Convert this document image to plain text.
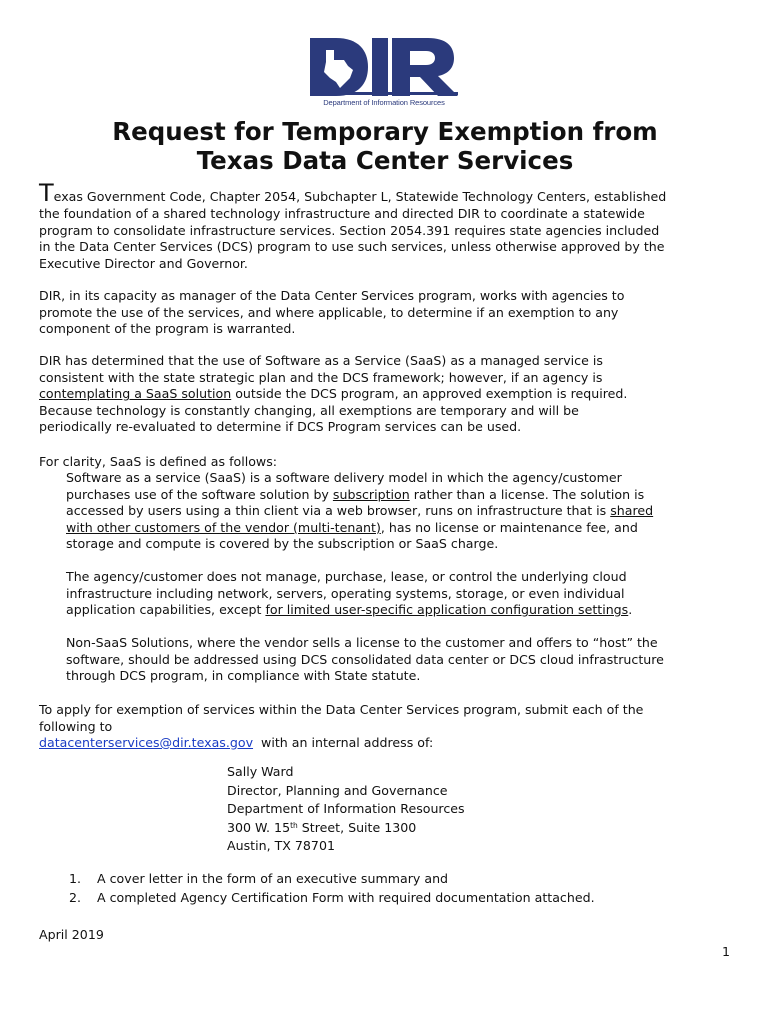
Department of Information Resources
Request for Temporary Exemption from
Texas Data Center Services
Texas Government Code, Chapter 2054, Subchapter L, Statewide Technology Centers, established
the foundation of a shared technology infrastructure and directed DIR to coordinate a statewide
program to consolidate infrastructure services. Section 2054.391 requires state agencies included
in the Data Center Services (DCS) program to use such services, unless otherwise approved by the
Executive Director and Governor.
DIR, in its capacity as manager of the Data Center Services program, works with agencies to
promote the use of the services, and where applicable, to determine if an exemption to any
component of the program is warranted.
DIR has determined that the use of Software as a Service (SaaS) as a managed service is
consistent with the state strategic plan and the DCS framework; however, if an agency is
contemplating a SaaS solution outside the DCS program, an approved exemption is required.
Because technology is constantly changing, all exemptions are temporary and will be
periodically re-evaluated to determine if DCS Program services can be used.
For clarity, SaaS is defined as follows:
Software as a service (SaaS) is a software delivery model in which the agency/customer
purchases use of the software solution by subscription rather than a license. The solution is
accessed by users using a thin client via a web browser, runs on infrastructure that is shared
with other customers of the vendor (multi-tenant), has no license or maintenance fee, and
storage and compute is covered by the subscription or SaaS charge.
The agency/customer does not manage, purchase, lease, or control the underlying cloud
infrastructure including network, servers, operating systems, storage, or even individual
application capabilities, except for limited user-specific application configuration settings.
Non-SaaS Solutions, where the vendor sells a license to the customer and offers to “host” the
software, should be addressed using DCS consolidated data center or DCS cloud infrastructure
through DCS program, in compliance with State statute.
To apply for exemption of services within the Data Center Services program, submit each of the
following to
datacenterservices@dir.texas.gov  with an internal address of:
Sally Ward
Director, Planning and Governance
Department of Information Resources
300 W. 15th Street, Suite 1300
Austin, TX 78701
1. A cover letter in the form of an executive summary and
2. A completed Agency Certification Form with required documentation attached.
April 2019
1
